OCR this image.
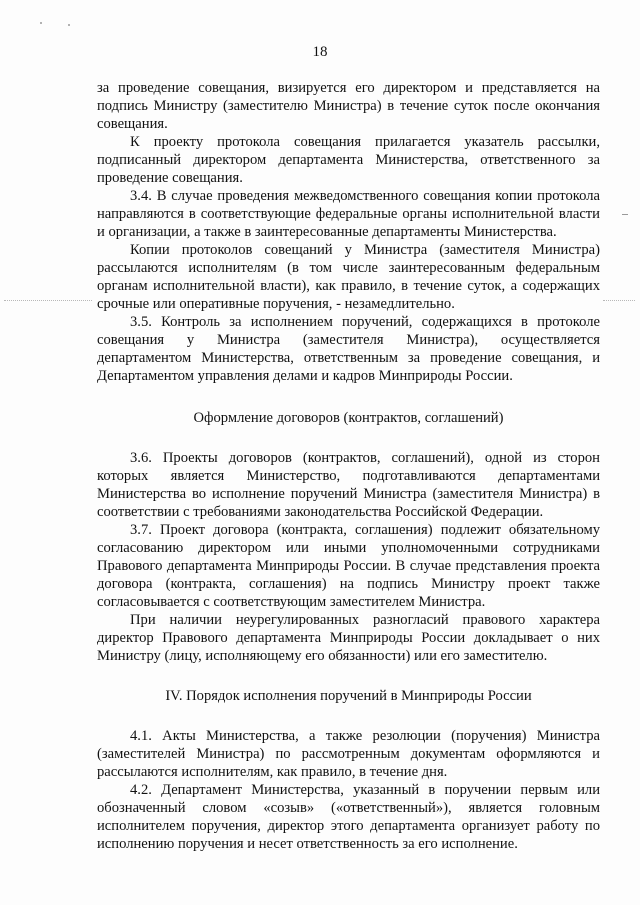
18

за проведение совещания, визируется его директором и представляется на подпись Министру (заместителю Министра) в течение суток после окончания совещания.

К проекту протокола совещания прилагается указатель рассылки, подписанный директором департамента Министерства, ответственного за проведение совещания.

3.4. В случае проведения межведомственного совещания копии протокола направляются в соответствующие федеральные органы исполнительной власти и организации, а также в заинтересованные департаменты Министерства.

Копии протоколов совещаний у Министра (заместителя Министра) рассылаются исполнителям (в том числе заинтересованным федеральным органам исполнительной власти), как правило, в течение суток, а содержащих срочные или оперативные поручения, - незамедлительно.

3.5. Контроль за исполнением поручений, содержащихся в протоколе совещания у Министра (заместителя Министра), осуществляется департаментом Министерства, ответственным за проведение совещания, и Департаментом управления делами и кадров Минприроды России.

Оформление договоров (контрактов, соглашений)

3.6. Проекты договоров (контрактов, соглашений), одной из сторон которых является Министерство, подготавливаются департаментами Министерства во исполнение поручений Министра (заместителя Министра) в соответствии с требованиями законодательства Российской Федерации.

3.7. Проект договора (контракта, соглашения) подлежит обязательному согласованию директором или иными уполномоченными сотрудниками Правового департамента Минприроды России. В случае представления проекта договора (контракта, соглашения) на подпись Министру проект также согласовывается с соответствующим заместителем Министра.

При наличии неурегулированных разногласий правового характера директор Правового департамента Минприроды России докладывает о них Министру (лицу, исполняющему его обязанности) или его заместителю.

IV. Порядок исполнения поручений в Минприроды России

4.1. Акты Министерства, а также резолюции (поручения) Министра (заместителей Министра) по рассмотренным документам оформляются и рассылаются исполнителям, как правило, в течение дня.

4.2. Департамент Министерства, указанный в поручении первым или обозначенный словом «созыв» («ответственный»), является головным исполнителем поручения, директор этого департамента организует работу по исполнению поручения и несет ответственность за его исполнение.
